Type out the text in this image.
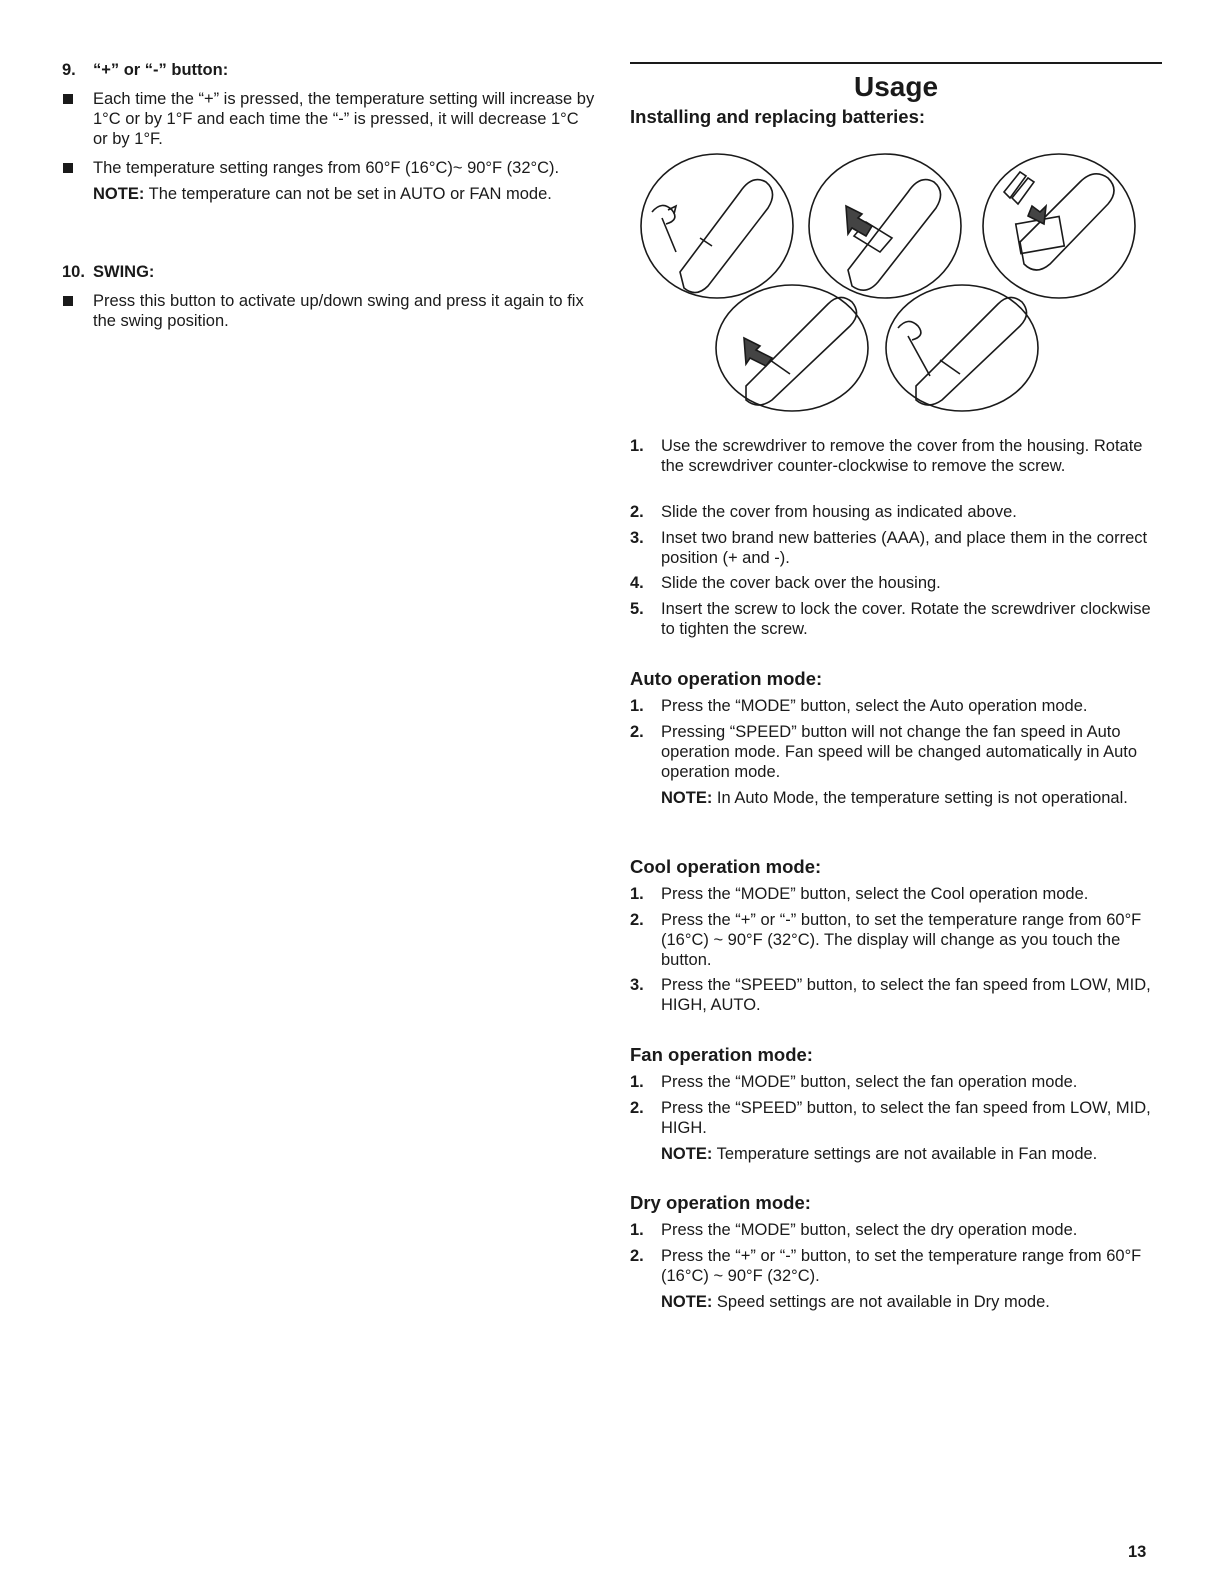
9. “+” or “-” button:

Each time the “+” is pressed, the temperature setting will increase by 1°C or by 1°F and each time the “-” is pressed, it will decrease 1°C or by 1°F.

The temperature setting ranges from 60°F (16°C)~ 90°F (32°C).

NOTE: The temperature can not be set in AUTO or FAN mode.

10. SWING:

Press this button to activate up/down swing and press it again to fix the swing position.

Usage
Installing and replacing batteries:
1. Use the screwdriver to remove the cover from the housing. Rotate the screwdriver counter-clockwise to remove the screw.

2. Slide the cover from housing as indicated above.

3. Inset two brand new batteries (AAA), and place them in the correct position (+ and -).

4. Slide the cover back over the housing.

5. Insert the screw to lock the cover. Rotate the screwdriver clockwise to tighten the screw.

Auto operation mode:
1. Press the “MODE” button, select the Auto operation mode.

2. Pressing “SPEED” button will not change the fan speed in Auto operation mode. Fan speed will be changed automatically in Auto operation mode.

NOTE: In Auto Mode, the temperature setting is not operational.

Cool operation mode:
1. Press the “MODE” button, select the Cool operation mode.

2. Press the “+” or “-” button, to set the temperature range from 60°F (16°C) ~ 90°F (32°C). The display will change as you touch the button.

3. Press the “SPEED” button, to select the fan speed from LOW, MID, HIGH, AUTO.

Fan operation mode:
1. Press the “MODE” button, select the fan operation mode.

2. Press the “SPEED” button, to select the fan speed from LOW, MID, HIGH.

NOTE: Temperature settings are not available in Fan mode.

Dry operation mode:
1. Press the “MODE” button, select the dry operation mode.

2. Press the “+” or “-” button, to set the temperature range from 60°F (16°C) ~ 90°F (32°C).

NOTE: Speed settings are not available in Dry mode.

13
